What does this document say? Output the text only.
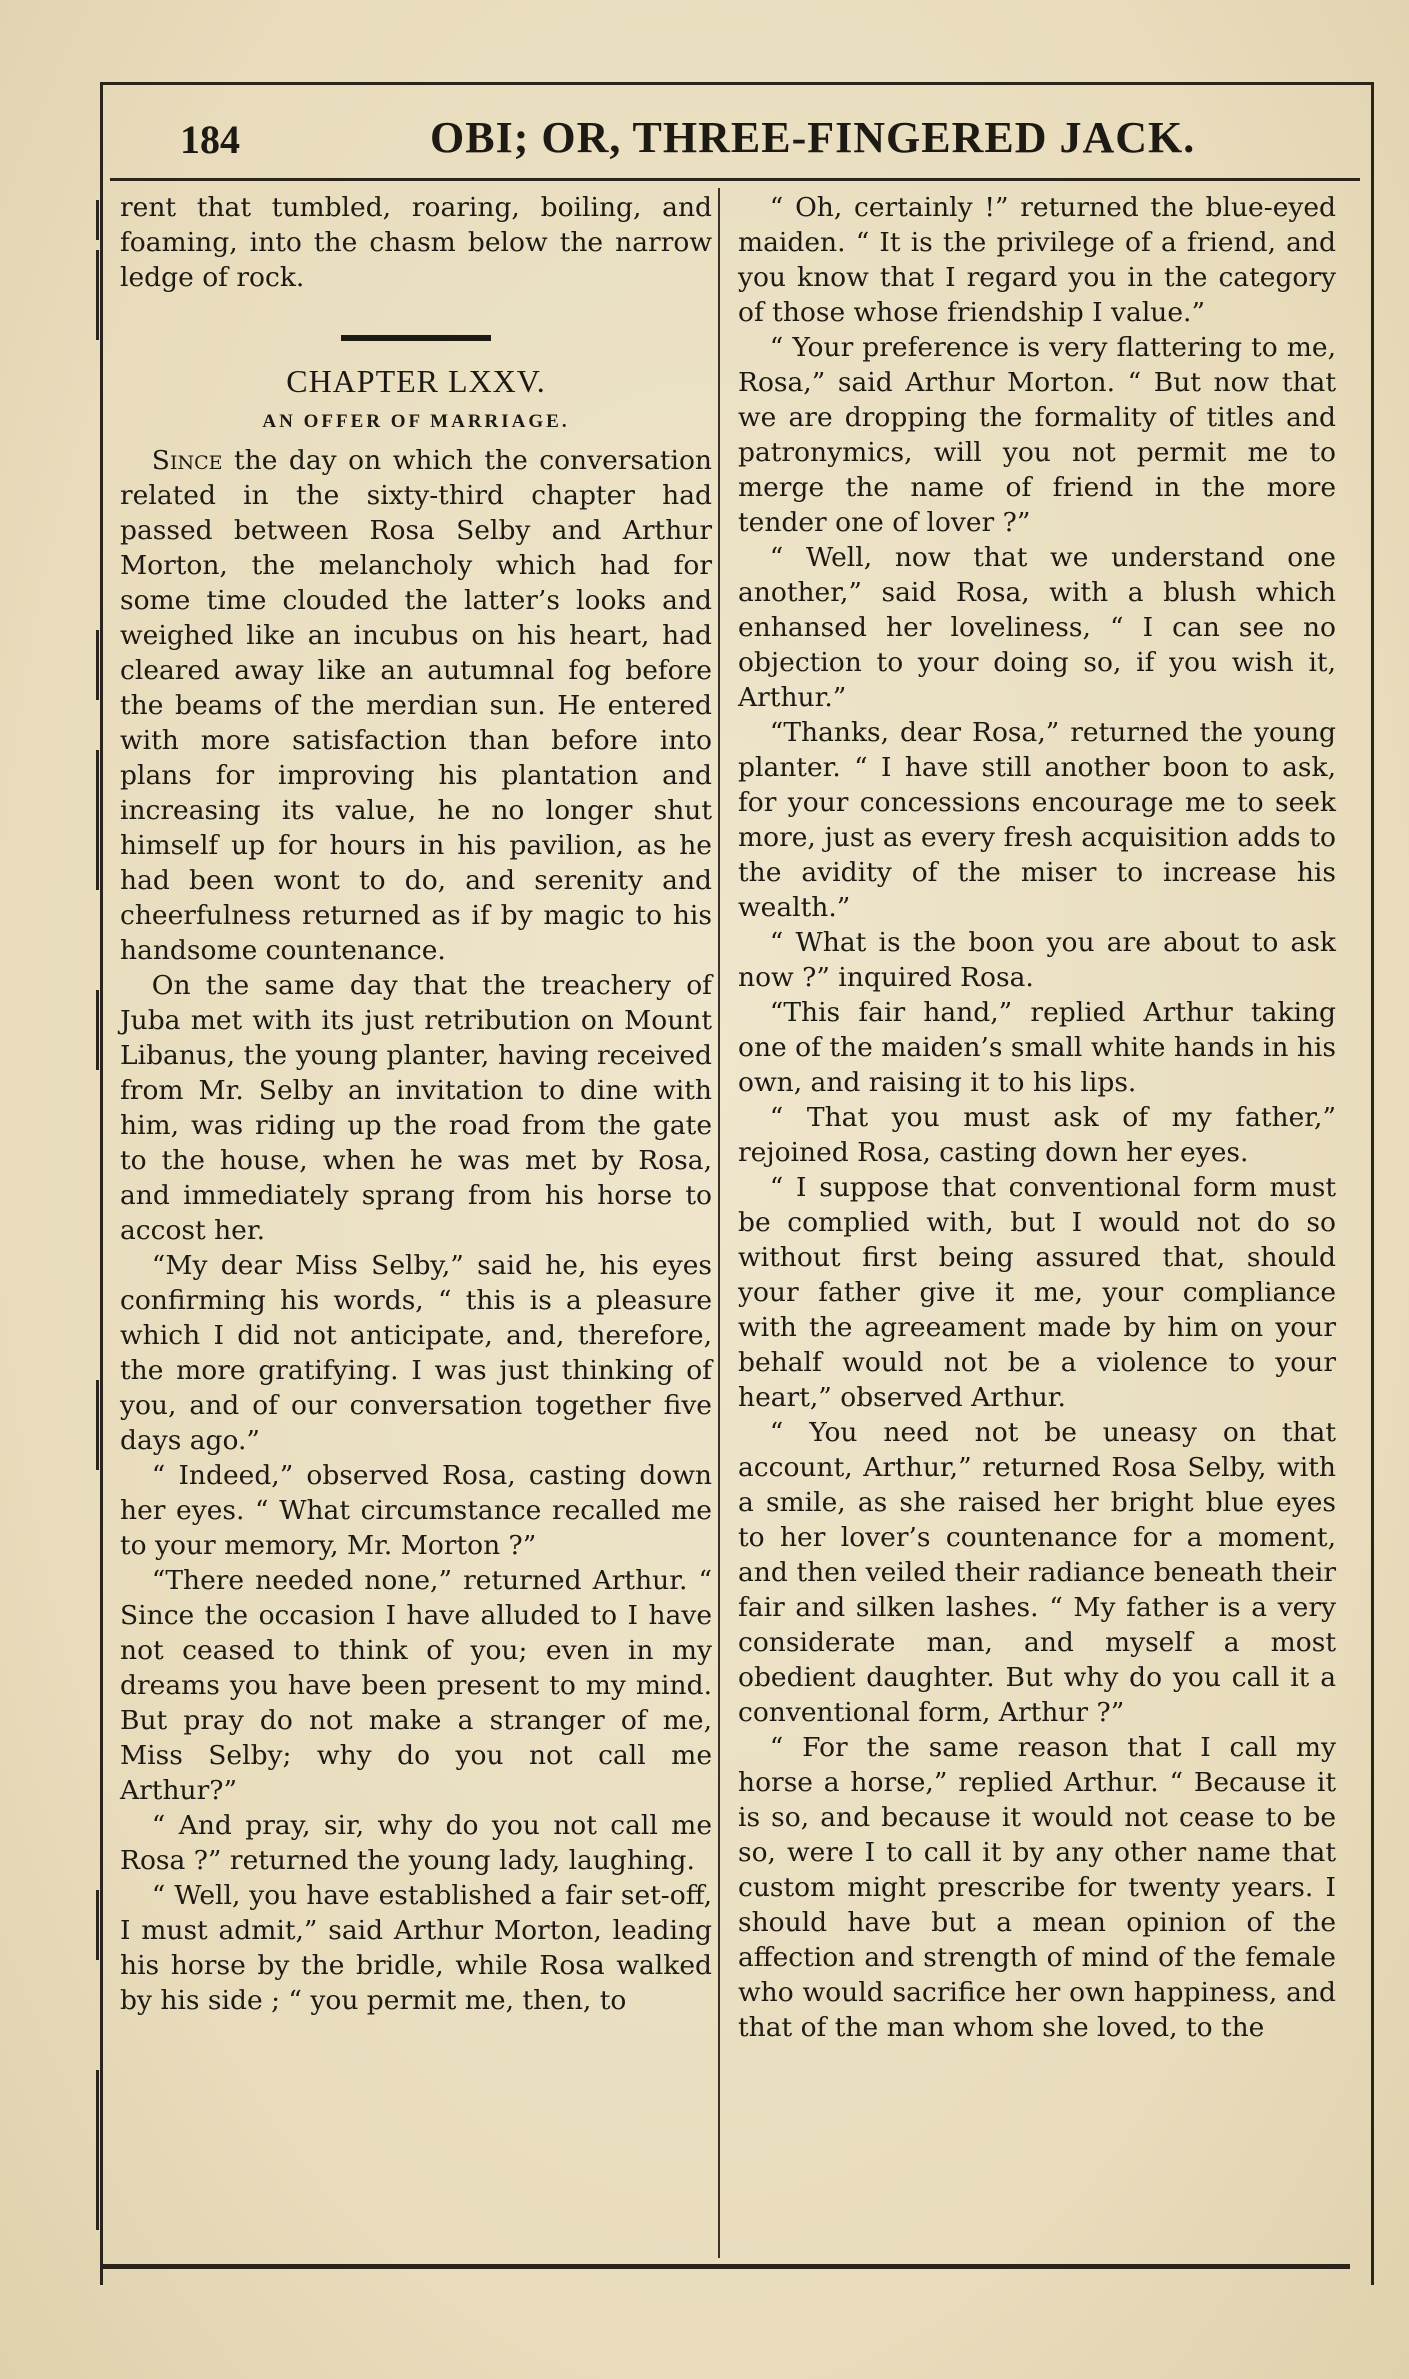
184	OBI; OR, THREE-FINGERED JACK.

rent that tumbled, roaring, boiling, and foaming, into the chasm below the narrow ledge of rock.

CHAPTER LXXV.
AN OFFER OF MARRIAGE.

Since the day on which the conversation related in the sixty-third chapter had passed between Rosa Selby and Arthur Morton, the melancholy which had for some time clouded the latter’s looks and weighed like an incubus on his heart, had cleared away like an autumnal fog before the beams of the merdian sun. He entered with more satisfaction than before into plans for improving his plantation and increasing its value, he no longer shut himself up for hours in his pavilion, as he had been wont to do, and serenity and cheerfulness returned as if by magic to his handsome countenance.

On the same day that the treachery of Juba met with its just retribution on Mount Libanus, the young planter, having received from Mr. Selby an invitation to dine with him, was riding up the road from the gate to the house, when he was met by Rosa, and immediately sprang from his horse to accost her.

“My dear Miss Selby,” said he, his eyes confirming his words, “ this is a pleasure which I did not anticipate, and, therefore, the more gratifying. I was just thinking of you, and of our conversation together five days ago.”

“ Indeed,” observed Rosa, casting down her eyes. “ What circumstance recalled me to your memory, Mr. Morton ?”

“There needed none,” returned Arthur. “ Since the occasion I have alluded to I have not ceased to think of you; even in my dreams you have been present to my mind. But pray do not make a stranger of me, Miss Selby; why do you not call me Arthur?”

“ And pray, sir, why do you not call me Rosa ?” returned the young lady, laughing.

“ Well, you have established a fair set-off, I must admit,” said Arthur Morton, leading his horse by the bridle, while Rosa walked by his side ; “ you permit me, then, to

“ Oh, certainly !” returned the blue-eyed maiden. “ It is the privilege of a friend, and you know that I regard you in the category of those whose friendship I value.”

“ Your preference is very flattering to me, Rosa,” said Arthur Morton. “ But now that we are dropping the formality of titles and patronymics, will you not permit me to merge the name of friend in the more tender one of lover ?”

“ Well, now that we understand one another,” said Rosa, with a blush which enhansed her loveliness, “ I can see no objection to your doing so, if you wish it, Arthur.”

“Thanks, dear Rosa,” returned the young planter. “ I have still another boon to ask, for your concessions encourage me to seek more, just as every fresh acquisition adds to the avidity of the miser to increase his wealth.”

“ What is the boon you are about to ask now ?” inquired Rosa.

“This fair hand,” replied Arthur taking one of the maiden’s small white hands in his own, and raising it to his lips.

“ That you must ask of my father,” rejoined Rosa, casting down her eyes.

“ I suppose that conventional form must be complied with, but I would not do so without first being assured that, should your father give it me, your compliance with the agreeament made by him on your behalf would not be a violence to your heart,” observed Arthur.

“ You need not be uneasy on that account, Arthur,” returned Rosa Selby, with a smile, as she raised her bright blue eyes to her lover’s countenance for a moment, and then veiled their radiance beneath their fair and silken lashes. “ My father is a very considerate man, and myself a most obedient daughter. But why do you call it a conventional form, Arthur ?”

“ For the same reason that I call my horse a horse,” replied Arthur. “ Because it is so, and because it would not cease to be so, were I to call it by any other name that custom might prescribe for twenty years. I should have but a mean opinion of the affection and strength of mind of the female who would sacrifice her own happiness, and that of the man whom she loved, to the
